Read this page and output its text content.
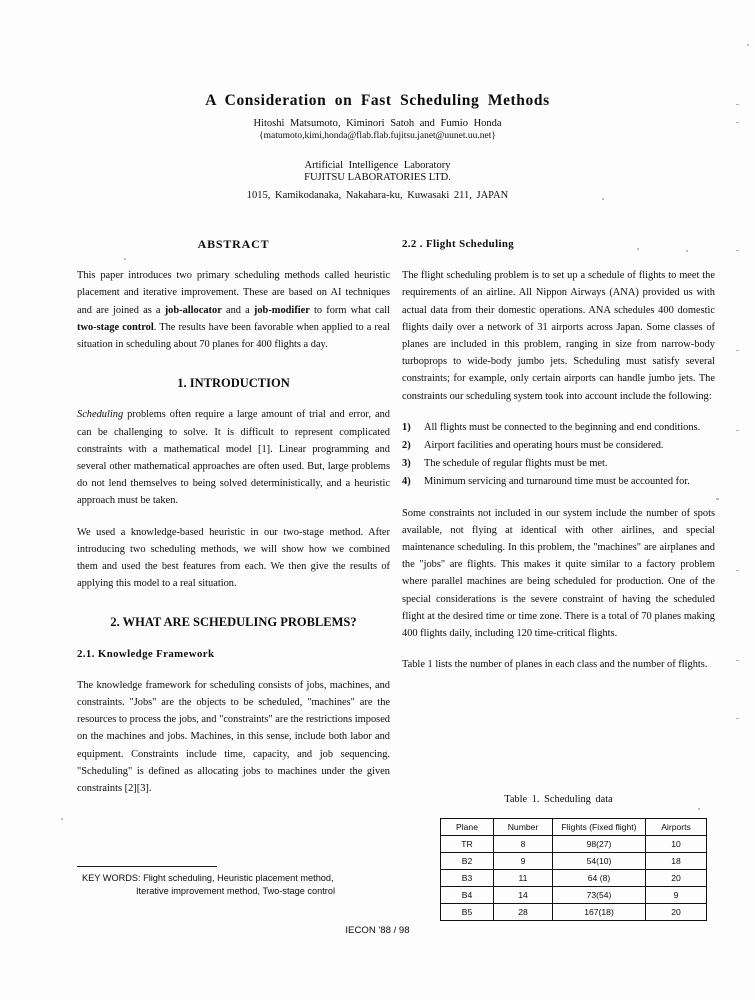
A Consideration on Fast Scheduling Methods
Hitoshi Matsumoto, Kiminori Satoh and Fumio Honda
{matumoto,kimi,honda@flab.flab.fujitsu.janet@uunet.uu.net}
Artificial Intelligence Laboratory
FUJITSU LABORATORIES LTD.
1015, Kamikodanaka, Nakahara-ku, Kuwasaki 211, JAPAN
ABSTRACT

This paper introduces two primary scheduling methods called heuristic placement and iterative improvement. These are based on AI techniques and are joined as a job-allocator and a job-modifier to form what call two-stage control. The results have been favorable when applied to a real situation in scheduling about 70 planes for 400 flights a day.

1. INTRODUCTION

Scheduling problems often require a large amount of trial and error, and can be challenging to solve. It is difficult to represent complicated constraints with a mathematical model [1]. Linear programming and several other mathematical approaches are often used. But, large problems do not lend themselves to being solved deterministically, and a heuristic approach must be taken.

We used a knowledge-based heuristic in our two-stage method. After introducing two scheduling methods, we will show how we combined them and used the best features from each. We then give the results of applying this model to a real situation.

2. WHAT ARE SCHEDULING PROBLEMS?
2.1. Knowledge Framework

The knowledge framework for scheduling consists of jobs, machines, and constraints. "Jobs" are the objects to be scheduled, "machines" are the resources to process the jobs, and "constraints" are the restrictions imposed on the machines and jobs. Machines, in this sense, include both labor and equipment. Constraints include time, capacity, and job sequencing. "Scheduling" is defined as allocating jobs to machines under the given constraints [2][3].

2.2 . Flight Scheduling

The flight scheduling problem is to set up a schedule of flights to meet the requirements of an airline. All Nippon Airways (ANA) provided us with actual data from their domestic operations. ANA schedules 400 domestic flights daily over a network of 31 airports across Japan. Some classes of planes are included in this problem, ranging in size from narrow-body turboprops to wide-body jumbo jets. Scheduling must satisfy several constraints; for example, only certain airports can handle jumbo jets. The constraints our scheduling system took into account include the following:

1) All flights must be connected to the beginning and end conditions.
2) Airport facilities and operating hours must be considered.
3) The schedule of regular flights must be met.
4) Minimum servicing and turnaround time must be accounted for.

Some constraints not included in our system include the number of spots available, not flying at identical with other airlines, and special maintenance scheduling. In this problem, the "machines" are airplanes and the "jobs" are flights. This makes it quite similar to a factory problem where parallel machines are being scheduled for production. One of the special considerations is the severe constraint of having the scheduled flight at the desired time or time zone. There is a total of 70 planes making 400 flights daily, including 120 time-critical flights.

Table 1 lists the number of planes in each class and the number of flights.

KEY WORDS: Flight scheduling, Heuristic placement method,
Iterative improvement method, Two-stage control
Table 1. Scheduling data
Plane	Number	Flights (Fixed flight)	Airports
TR	8	98(27)	10
B2	9	54(10)	18
B3	11	64 (8)	20
B4	14	73(54)	9
B5	28	167(18)	20
IECON '88 / 98
